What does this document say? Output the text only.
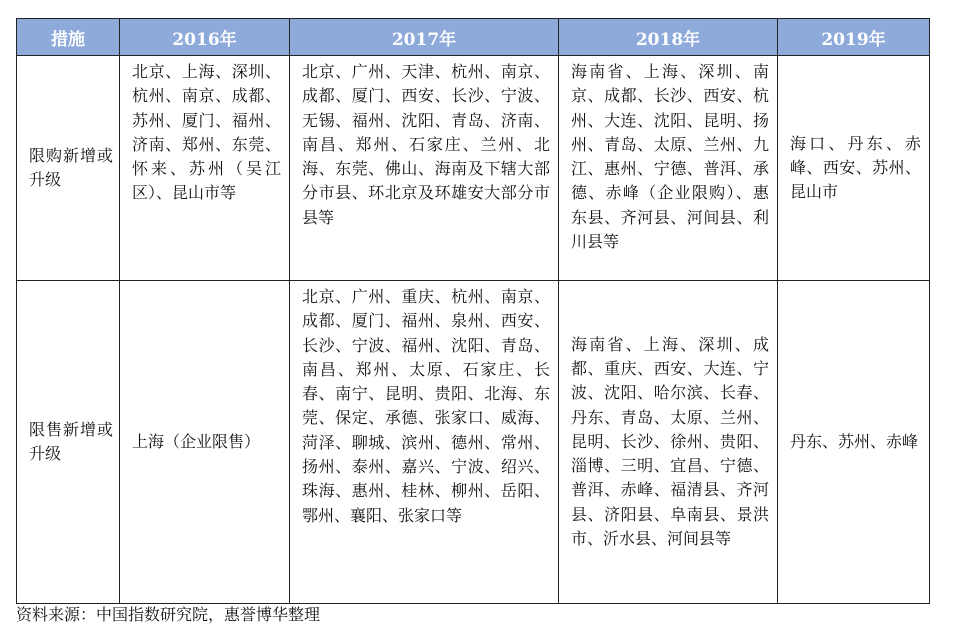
措施	2016年	2017年	2018年	2019年
限购新增或升级	北京、上海、深圳、杭州、南京、成都、苏州、厦门、福州、济南、郑州、东莞、怀来、苏州（吴江区）、昆山市等	北京、广州、天津、杭州、南京、成都、厦门、西安、长沙、宁波、无锡、福州、沈阳、青岛、济南、南昌、郑州、石家庄、兰州、北海、东莞、佛山、海南及下辖大部分市县、环北京及环雄安大部分市县等	海南省、上海、深圳、南京、成都、长沙、西安、杭州、大连、沈阳、昆明、扬州、青岛、太原、兰州、九江、惠州、宁德、普洱、承德、赤峰（企业限购）、惠东县、齐河县、河间县、利川县等	海口、丹东、赤峰、西安、苏州、昆山市
限售新增或升级	上海（企业限售）	北京、广州、重庆、杭州、南京、成都、厦门、福州、泉州、西安、长沙、宁波、福州、沈阳、青岛、南昌、郑州、太原、石家庄、长春、南宁、昆明、贵阳、北海、东莞、保定、承德、张家口、威海、菏泽、聊城、滨州、德州、常州、扬州、泰州、嘉兴、宁波、绍兴、珠海、惠州、桂林、柳州、岳阳、鄂州、襄阳、张家口等	海南省、上海、深圳、成都、重庆、西安、大连、宁波、沈阳、哈尔滨、长春、丹东、青岛、太原、兰州、昆明、长沙、徐州、贵阳、淄博、三明、宜昌、宁德、普洱、赤峰、福清县、齐河县、济阳县、阜南县、景洪市、沂水县、河间县等	丹东、苏州、赤峰
资料来源：中国指数研究院，惠誉博华整理
